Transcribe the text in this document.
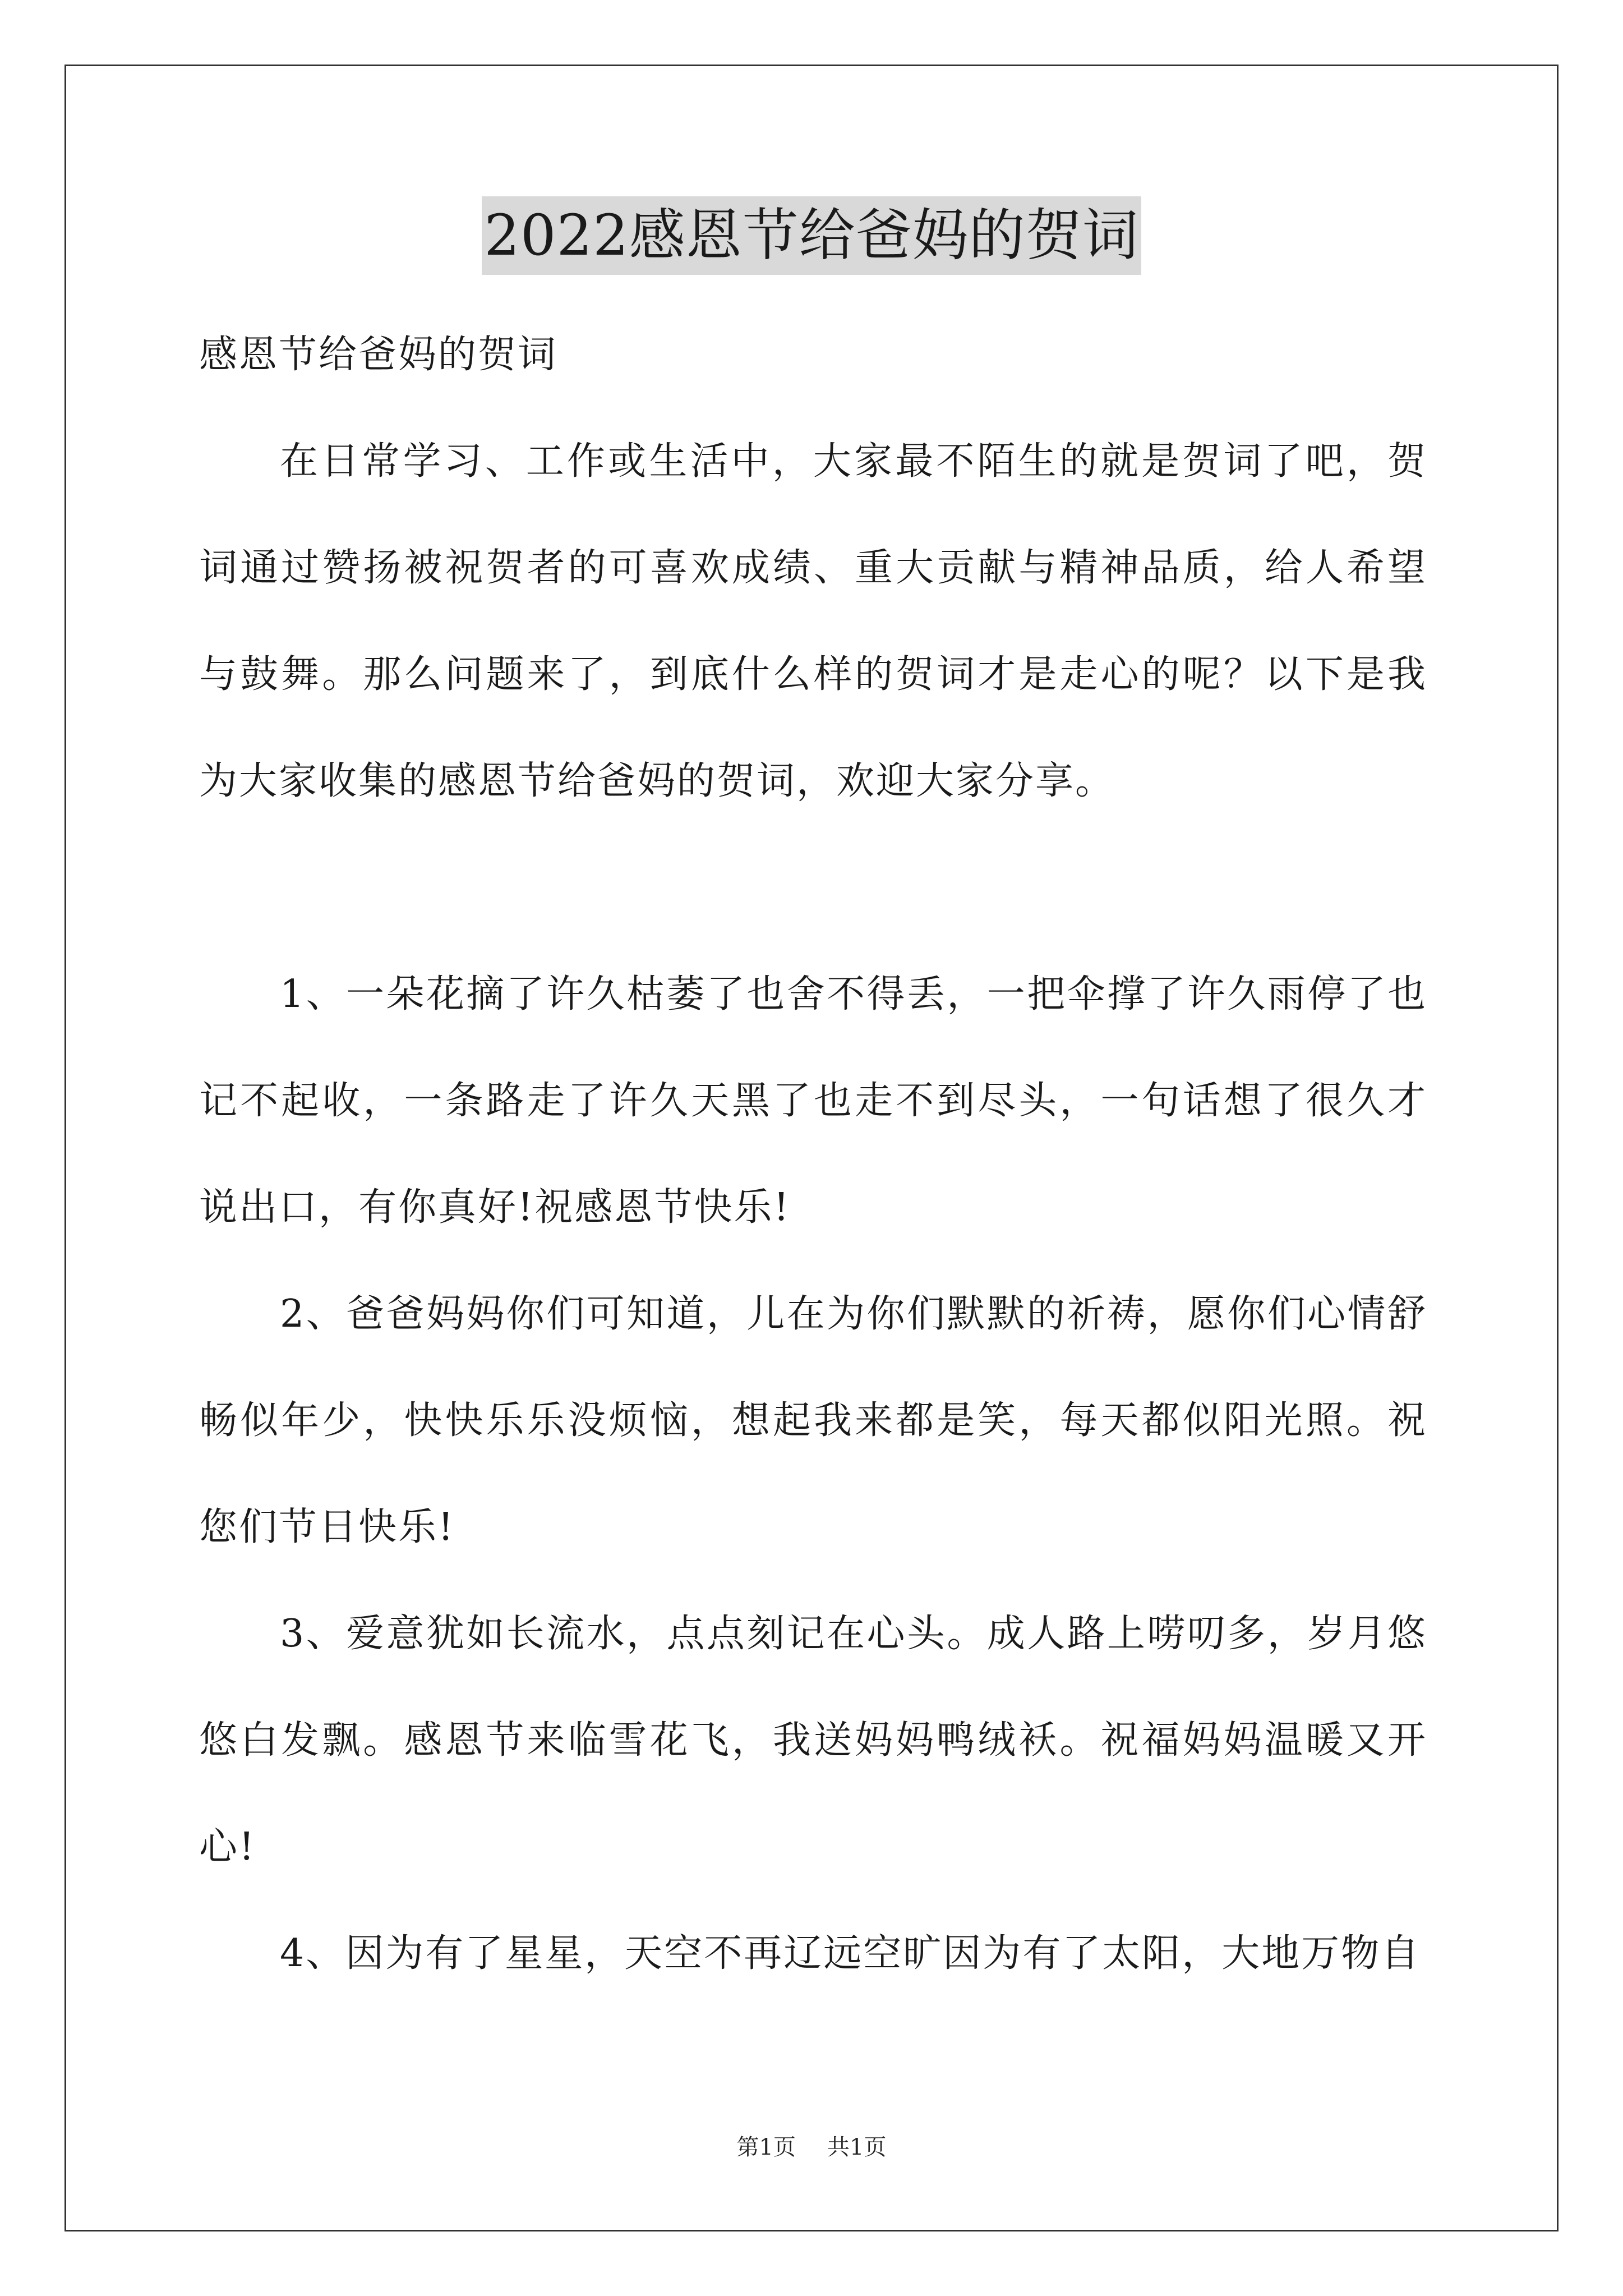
2022感恩节给爸妈的贺词

感恩节给爸妈的贺词

在日常学习、工作或生活中，大家最不陌生的就是贺词了吧，贺词通过赞扬被祝贺者的可喜欢成绩、重大贡献与精神品质，给人希望与鼓舞。那么问题来了，到底什么样的贺词才是走心的呢？以下是我为大家收集的感恩节给爸妈的贺词，欢迎大家分享。

1、一朵花摘了许久枯萎了也舍不得丢，一把伞撑了许久雨停了也记不起收，一条路走了许久天黑了也走不到尽头，一句话想了很久才说出口，有你真好!祝感恩节快乐!

2、爸爸妈妈你们可知道，儿在为你们默默的祈祷，愿你们心情舒畅似年少，快快乐乐没烦恼，想起我来都是笑，每天都似阳光照。祝您们节日快乐!

3、爱意犹如长流水，点点刻记在心头。成人路上唠叨多，岁月悠悠白发飘。感恩节来临雪花飞，我送妈妈鸭绒袄。祝福妈妈温暖又开心!

4、因为有了星星，天空不再辽远空旷因为有了太阳，大地万物自

第1页 共1页
